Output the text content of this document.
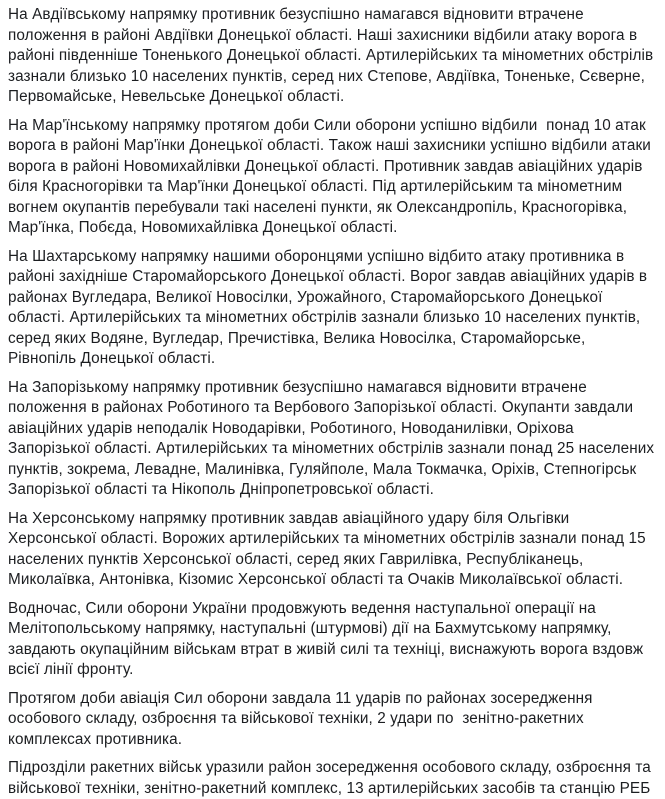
На Авдіївському напрямку противник безуспішно намагався відновити втрачене положення в районі Авдіївки Донецької області. Наші захисники відбили атаку ворога в районі південніше Тоненького Донецької області. Артилерійських та мінометних обстрілів зазнали близько 10 населених пунктів, серед них Степове, Авдіївка, Тоненьке, Сєверне, Первомайське, Невельське Донецької області.

На Мар'їнському напрямку протягом доби Сили оборони успішно відбили  понад 10 атак ворога в районі Мар'їнки Донецької області. Також наші захисники успішно відбили атаки ворога в районі Новомихайлівки Донецької області. Противник завдав авіаційних ударів біля Красногорівки та Мар'їнки Донецької області. Під артилерійським та мінометним вогнем окупантів перебували такі населені пункти, як Олександропіль, Красногорівка, Мар'їнка, Побєда, Новомихайлівка Донецької області.

На Шахтарському напрямку нашими оборонцями успішно відбито атаку противника в районі західніше Старомайорського Донецької області. Ворог завдав авіаційних ударів в районах Вугледара, Великої Новосілки, Урожайного, Старомайорського Донецької області. Артилерійських та мінометних обстрілів зазнали близько 10 населених пунктів, серед яких Водяне, Вугледар, Пречистівка, Велика Новосілка, Старомайорське, Рівнопіль Донецької області.

На Запорізькому напрямку противник безуспішно намагався відновити втрачене положення в районах Роботиного та Вербового Запорізької області. Окупанти завдали авіаційних ударів неподалік Новодарівки, Роботиного, Новоданилівки, Оріхова Запорізької області. Артилерійських та мінометних обстрілів зазнали понад 25 населених пунктів, зокрема, Левадне, Малинівка, Гуляйполе, Мала Токмачка, Оріхів, Степногірськ Запорізької області та Нікополь Дніпропетровської області.

На Херсонському напрямку противник завдав авіаційного удару біля Ольгівки Херсонської області. Ворожих артилерійських та мінометних обстрілів зазнали понад 15 населених пунктів Херсонської області, серед яких Гаврилівка, Республіканець, Миколаївка, Антонівка, Кізомис Херсонської області та Очаків Миколаївської області.

Водночас, Сили оборони України продовжують ведення наступальної операції на Мелітопольському напрямку, наступальні (штурмові) дії на Бахмутському напрямку, завдають окупаційним військам втрат в живій силі та техніці, виснажують ворога вздовж всієї лінії фронту.

Протягом доби авіація Сил оборони завдала 11 ударів по районах зосередження особового складу, озброєння та військової техніки, 2 удари по  зенітно-ракетних комплексах противника.

Підрозділи ракетних військ уразили район зосередження особового складу, озброєння та військової техніки, зенітно-ракетний комплекс, 13 артилерійських засобів та станцію РЕБ
